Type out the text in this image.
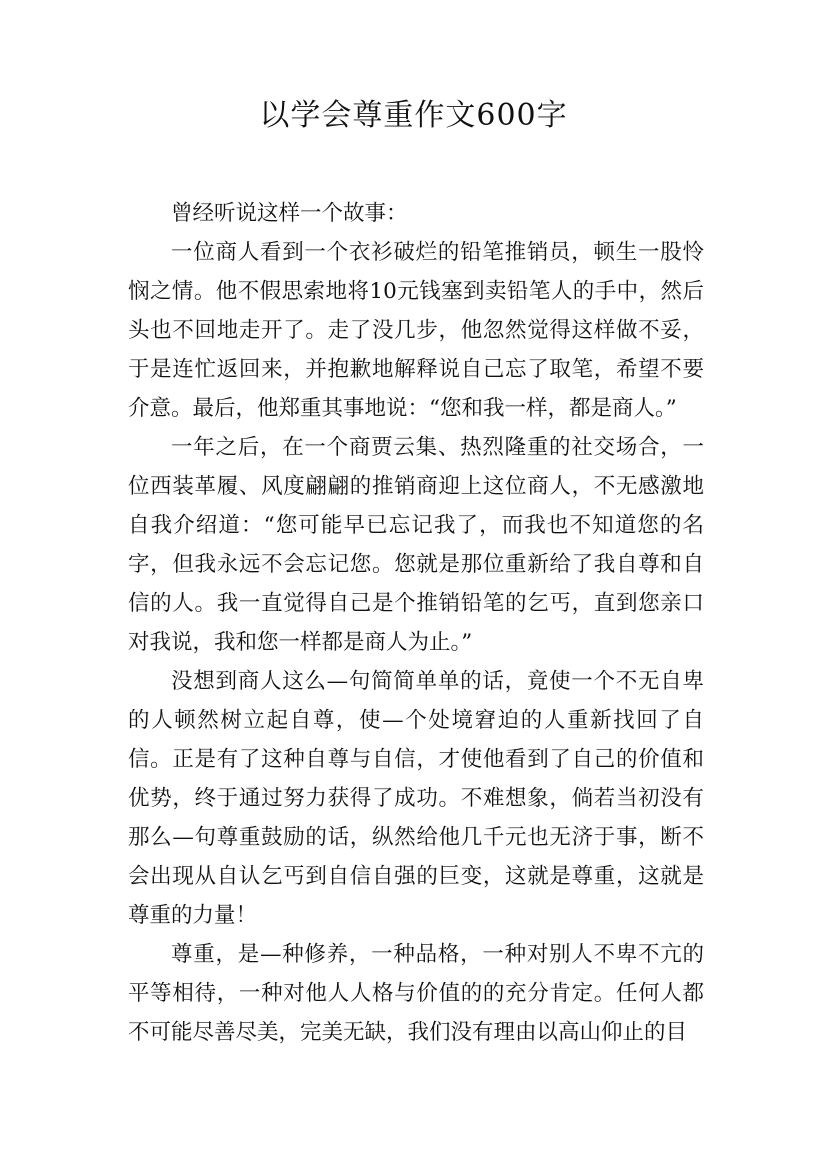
以学会尊重作文600字

曾经听说这样一个故事：

一位商人看到一个衣衫破烂的铅笔推销员，顿生一股怜悯之情。他不假思索地将10元钱塞到卖铅笔人的手中，然后头也不回地走开了。走了没几步，他忽然觉得这样做不妥，于是连忙返回来，并抱歉地解释说自己忘了取笔，希望不要介意。最后，他郑重其事地说：“您和我一样，都是商人。”

一年之后，在一个商贾云集、热烈隆重的社交场合，一位西装革履、风度翩翩的推销商迎上这位商人，不无感激地自我介绍道：“您可能早已忘记我了，而我也不知道您的名字，但我永远不会忘记您。您就是那位重新给了我自尊和自信的人。我一直觉得自己是个推销铅笔的乞丐，直到您亲口对我说，我和您一样都是商人为止。”

没想到商人这么—句简简单单的话，竟使一个不无自卑的人顿然树立起自尊，使—个处境窘迫的人重新找回了自信。正是有了这种自尊与自信，才使他看到了自己的价值和优势，终于通过努力获得了成功。不难想象，倘若当初没有那么—句尊重鼓励的话，纵然给他几千元也无济于事，断不会出现从自认乞丐到自信自强的巨变，这就是尊重，这就是尊重的力量！

尊重，是—种修养，一种品格，一种对别人不卑不亢的平等相待，一种对他人人格与价值的的充分肯定。任何人都不可能尽善尽美，完美无缺，我们没有理由以高山仰止的目
